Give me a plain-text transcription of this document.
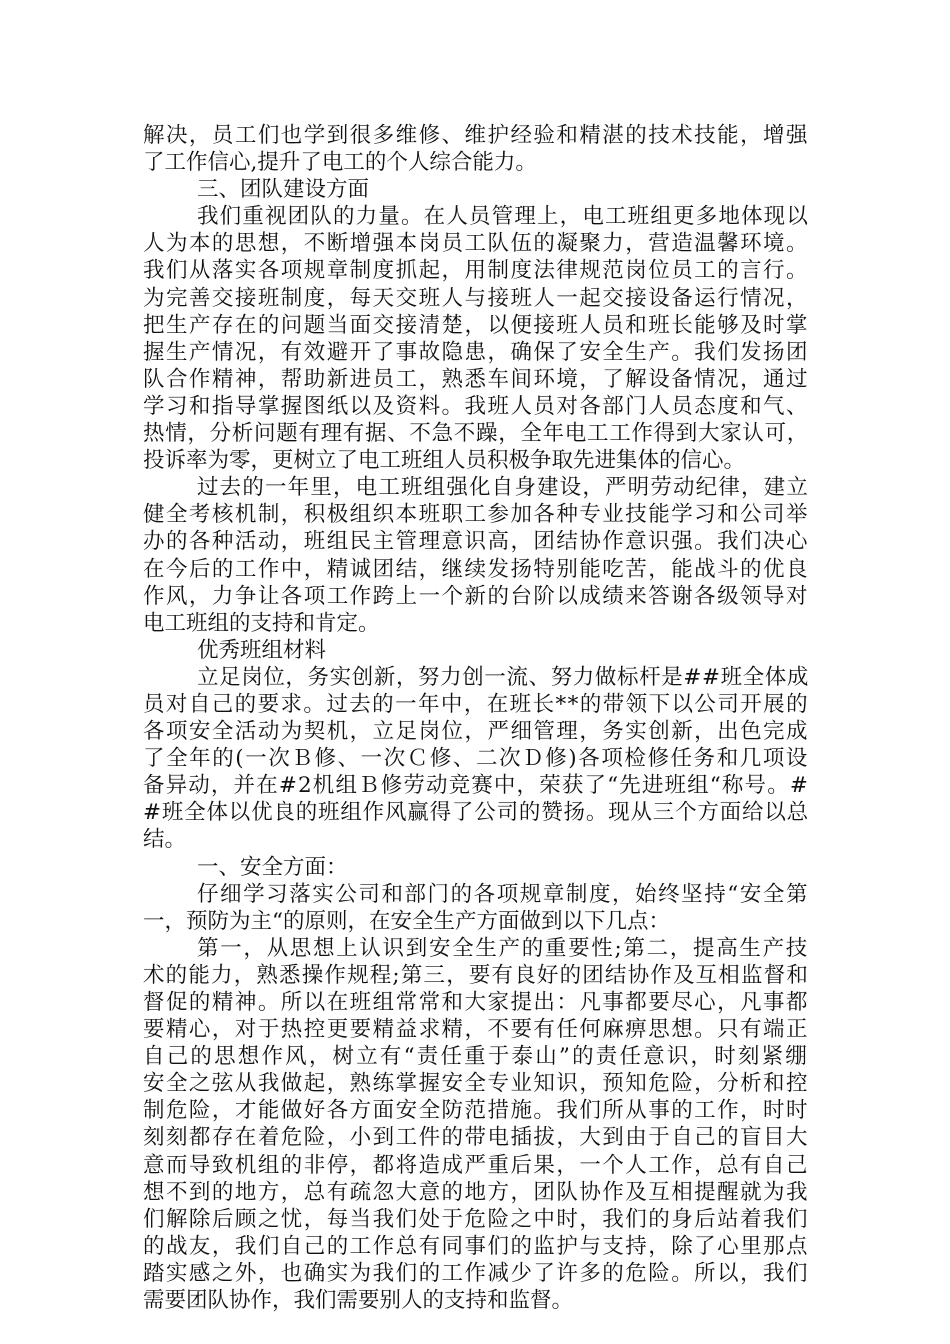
解决，员工们也学到很多维修、维护经验和精湛的技术技能，增强
了工作信心,提升了电工的个人综合能力。
三、团队建设方面
我们重视团队的力量。在人员管理上，电工班组更多地体现以
人为本的思想，不断增强本岗员工队伍的凝聚力，营造温馨环境。
我们从落实各项规章制度抓起，用制度法律规范岗位员工的言行。
为完善交接班制度，每天交班人与接班人一起交接设备运行情况，
把生产存在的问题当面交接清楚，以便接班人员和班长能够及时掌
握生产情况，有效避开了事故隐患，确保了安全生产。我们发扬团
队合作精神，帮助新进员工，熟悉车间环境，了解设备情况，通过
学习和指导掌握图纸以及资料。我班人员对各部门人员态度和气、
热情，分析问题有理有据、不急不躁，全年电工工作得到大家认可，
投诉率为零，更树立了电工班组人员积极争取先进集体的信心。
过去的一年里，电工班组强化自身建设，严明劳动纪律，建立
健全考核机制，积极组织本班职工参加各种专业技能学习和公司举
办的各种活动，班组民主管理意识高，团结协作意识强。我们决心
在今后的工作中，精诚团结，继续发扬特别能吃苦，能战斗的优良
作风，力争让各项工作跨上一个新的台阶以成绩来答谢各级领导对
电工班组的支持和肯定。
优秀班组材料
立足岗位，务实创新，努力创一流、努力做标杆是##班全体成
员对自己的要求。过去的一年中，在班长**的带领下以公司开展的
各项安全活动为契机，立足岗位，严细管理，务实创新，出色完成
了全年的(一次Ｂ修、一次Ｃ修、二次Ｄ修)各项检修任务和几项设
备异动，并在#2机组Ｂ修劳动竞赛中，荣获了“先进班组“称号。#
#班全体以优良的班组作风赢得了公司的赞扬。现从三个方面给以总
结。
一、安全方面：
仔细学习落实公司和部门的各项规章制度，始终坚持“安全第
一，预防为主“的原则，在安全生产方面做到以下几点：
第一，从思想上认识到安全生产的重要性;第二，提高生产技
术的能力，熟悉操作规程;第三，要有良好的团结协作及互相监督和
督促的精神。所以在班组常常和大家提出：凡事都要尽心，凡事都
要精心，对于热控更要精益求精，不要有任何麻痹思想。只有端正
自己的思想作风，树立有“责任重于泰山”的责任意识，时刻紧绷
安全之弦从我做起，熟练掌握安全专业知识，预知危险，分析和控
制危险，才能做好各方面安全防范措施。我们所从事的工作，时时
刻刻都存在着危险，小到工件的带电插拔，大到由于自己的盲目大
意而导致机组的非停，都将造成严重后果，一个人工作，总有自己
想不到的地方，总有疏忽大意的地方，团队协作及互相提醒就为我
们解除后顾之忧，每当我们处于危险之中时，我们的身后站着我们
的战友，我们自己的工作总有同事们的监护与支持，除了心里那点
踏实感之外，也确实为我们的工作减少了许多的危险。所以，我们
需要团队协作，我们需要别人的支持和监督。
